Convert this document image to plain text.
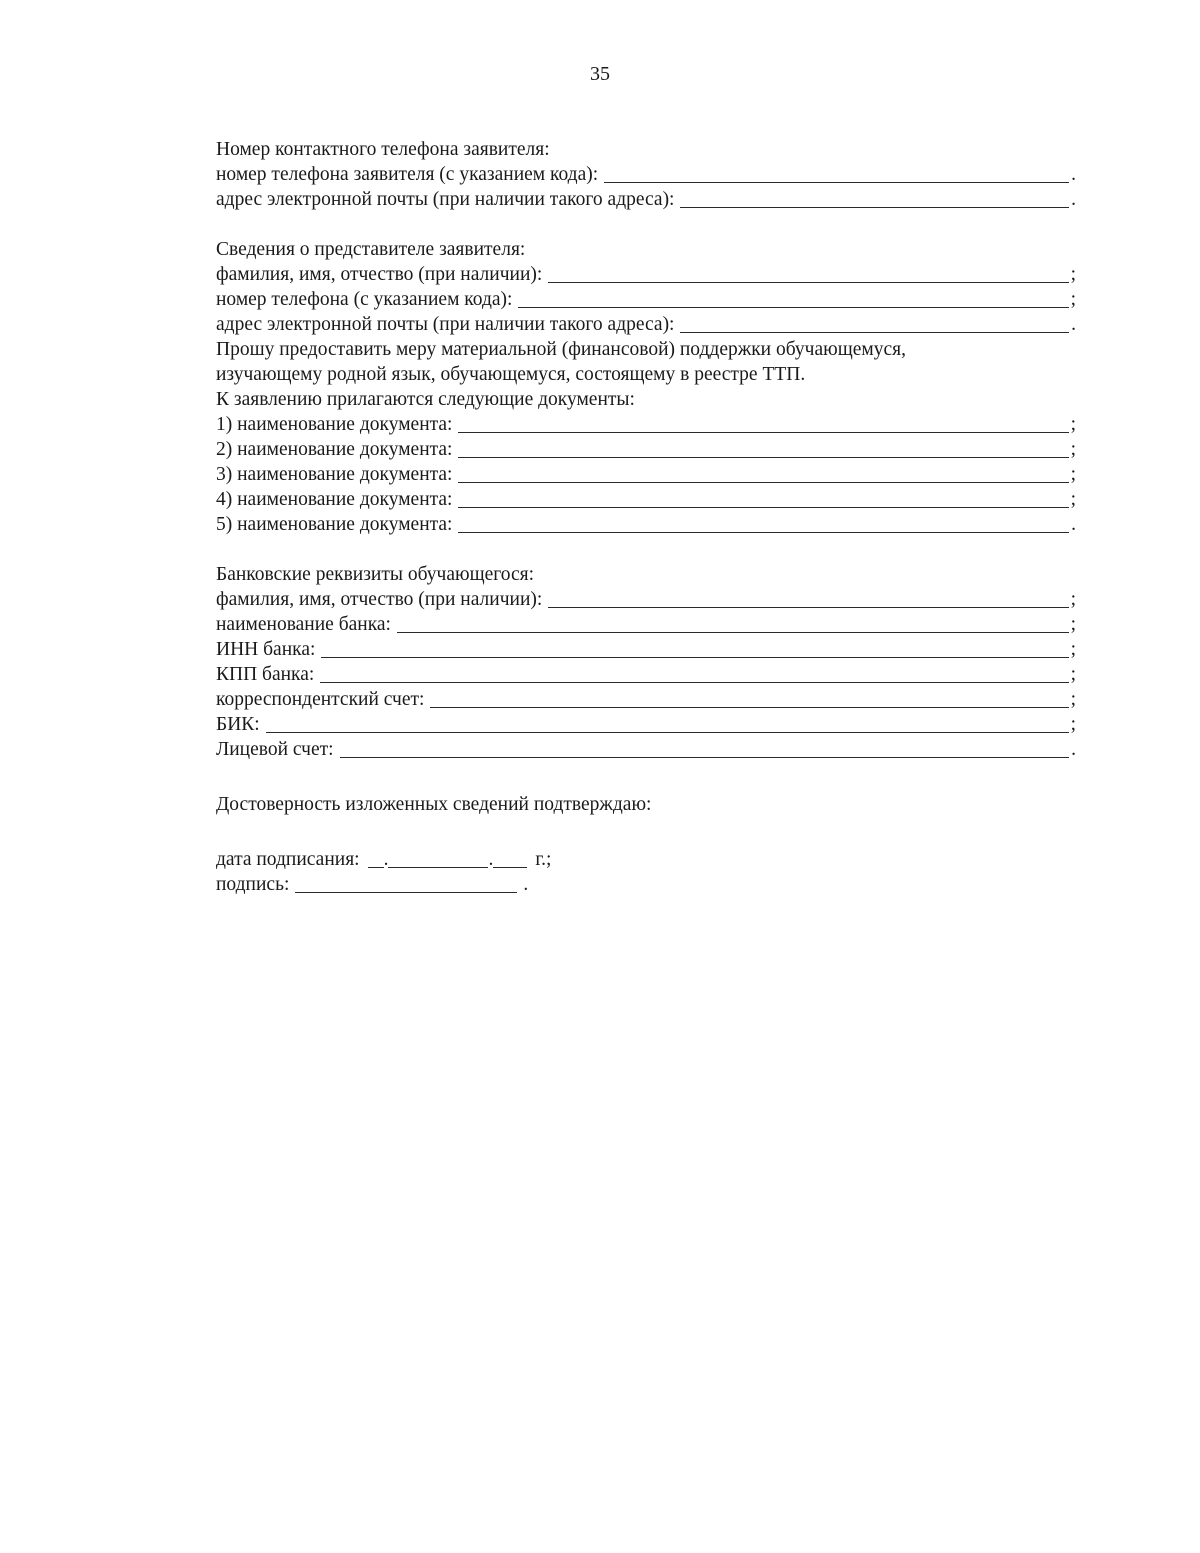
35
Номер контактного телефона заявителя:
номер телефона заявителя (с указанием кода):	.
адрес электронной почты (при наличии такого адреса):	.
Сведения о представителе заявителя:
фамилия, имя, отчество (при наличии):	;
номер телефона (с указанием кода):	;
адрес электронной почты (при наличии такого адреса):	.
Прошу предоставить меру материальной (финансовой) поддержки обучающемуся,
изучающему родной язык, обучающемуся, состоящему в реестре ТТП.
К заявлению прилагаются следующие документы:
1) наименование документа:	;
2) наименование документа:	;
3) наименование документа:	;
4) наименование документа:	;
5) наименование документа:	.
Банковские реквизиты обучающегося:
фамилия, имя, отчество (при наличии):	;
наименование банка:	;
ИНН банка:	;
КПП банка:	;
корреспондентский счет:	;
БИК:	;
Лицевой счет:	.
Достоверность изложенных сведений подтверждаю:
дата подписания: .	. г.;
подпись:	.
